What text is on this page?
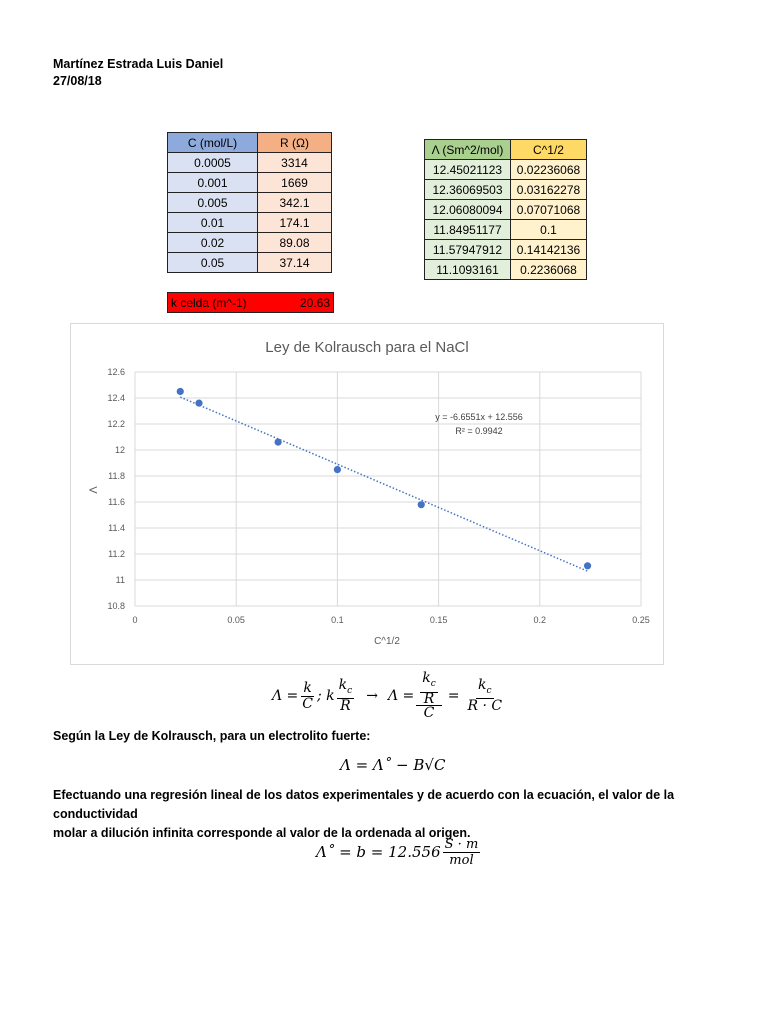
Martínez Estrada Luis Daniel
27/08/18
C (mol/L)	R (Ω)
0.0005	3314
0.001	1669
0.005	342.1
0.01	174.1
0.02	89.08
0.05	37.14
Λ (Sm^2/mol)	C^1/2
12.45021123	0.02236068
12.36069503	0.03162278
12.06080094	0.07071068
11.84951177	0.1
11.57947912	0.14142136
11.1093161	0.2236068
k celda (m^-1)	20.63
Ley de Kolrausch para el NaCl
10.8
11
11.2
11.4
11.6
11.8
12
12.2
12.4
12.6
0	0.05	0.1	0.15	0.2	0.25
y = -6.6551x + 12.556
R² = 0.9942
C^1/2
Λ
$\Lambda = \frac{k}{C}$ ; k $\frac{k_c}{R} \to \Lambda = \frac{\frac{k_c}{R}}{C} = \frac{k_c}{R \cdot C}$
Según la Ley de Kolrausch, para un electrolito fuerte:
Λ = Λ˚ − B√C
Efectuando una regresión lineal de los datos experimentales y de acuerdo con la ecuación, el valor de la conductividad
molar a dilución infinita corresponde al valor de la ordenada al origen.
Λ˚ = $b = 12.556 \frac{S \cdot m}{\text{mol}}$
